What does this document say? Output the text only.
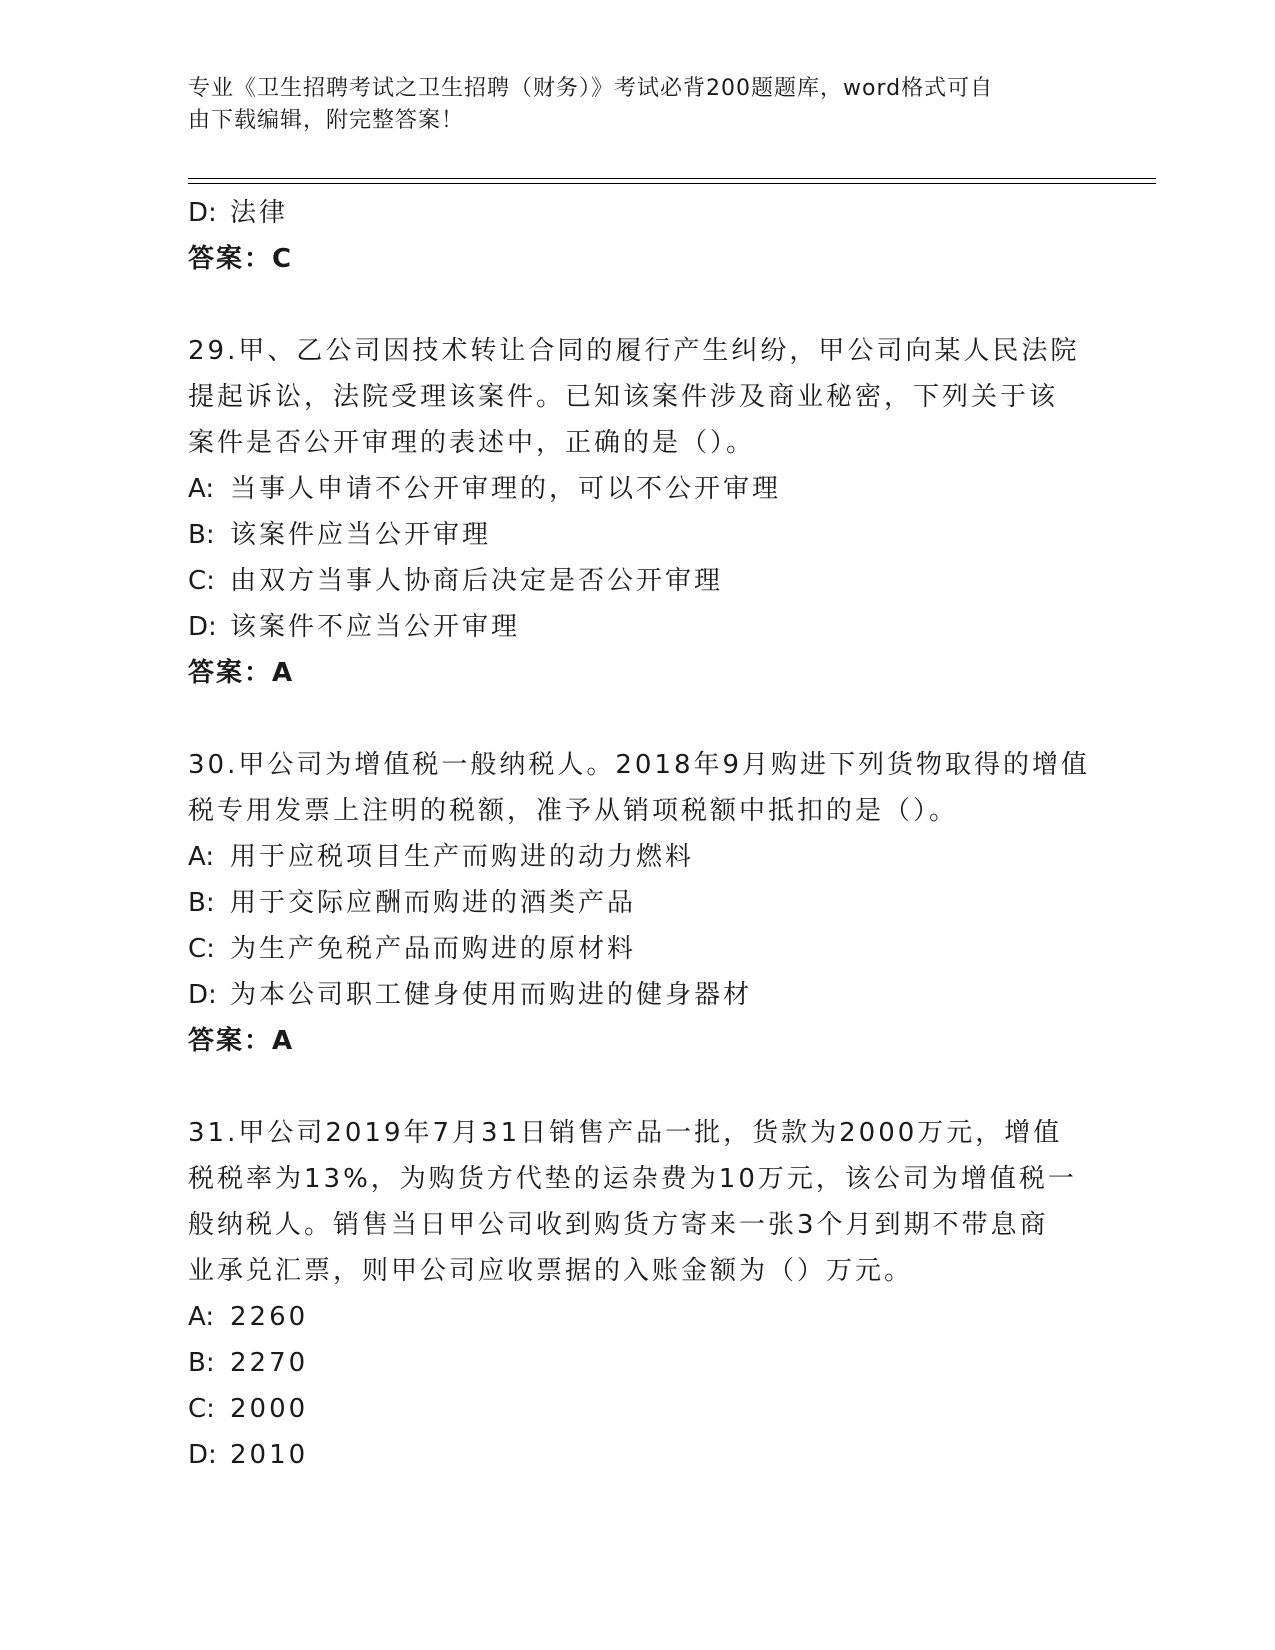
专业《卫生招聘考试之卫生招聘（财务）》考试必背200题题库，word格式可自
由下载编辑，附完整答案！
D: 法律
答案：C
29.甲、乙公司因技术转让合同的履行产生纠纷，甲公司向某人民法院
提起诉讼，法院受理该案件。已知该案件涉及商业秘密，下列关于该
案件是否公开审理的表述中，正确的是（）。
A: 当事人申请不公开审理的，可以不公开审理
B: 该案件应当公开审理
C: 由双方当事人协商后决定是否公开审理
D: 该案件不应当公开审理
答案：A
30.甲公司为增值税一般纳税人。2018年9月购进下列货物取得的增值
税专用发票上注明的税额，准予从销项税额中抵扣的是（）。
A: 用于应税项目生产而购进的动力燃料
B: 用于交际应酬而购进的酒类产品
C: 为生产免税产品而购进的原材料
D: 为本公司职工健身使用而购进的健身器材
答案：A
31.甲公司2019年7月31日销售产品一批，货款为2000万元，增值
税税率为13%，为购货方代垫的运杂费为10万元，该公司为增值税一
般纳税人。销售当日甲公司收到购货方寄来一张3个月到期不带息商
业承兑汇票，则甲公司应收票据的入账金额为（）万元。
A: 2260
B: 2270
C: 2000
D: 2010
